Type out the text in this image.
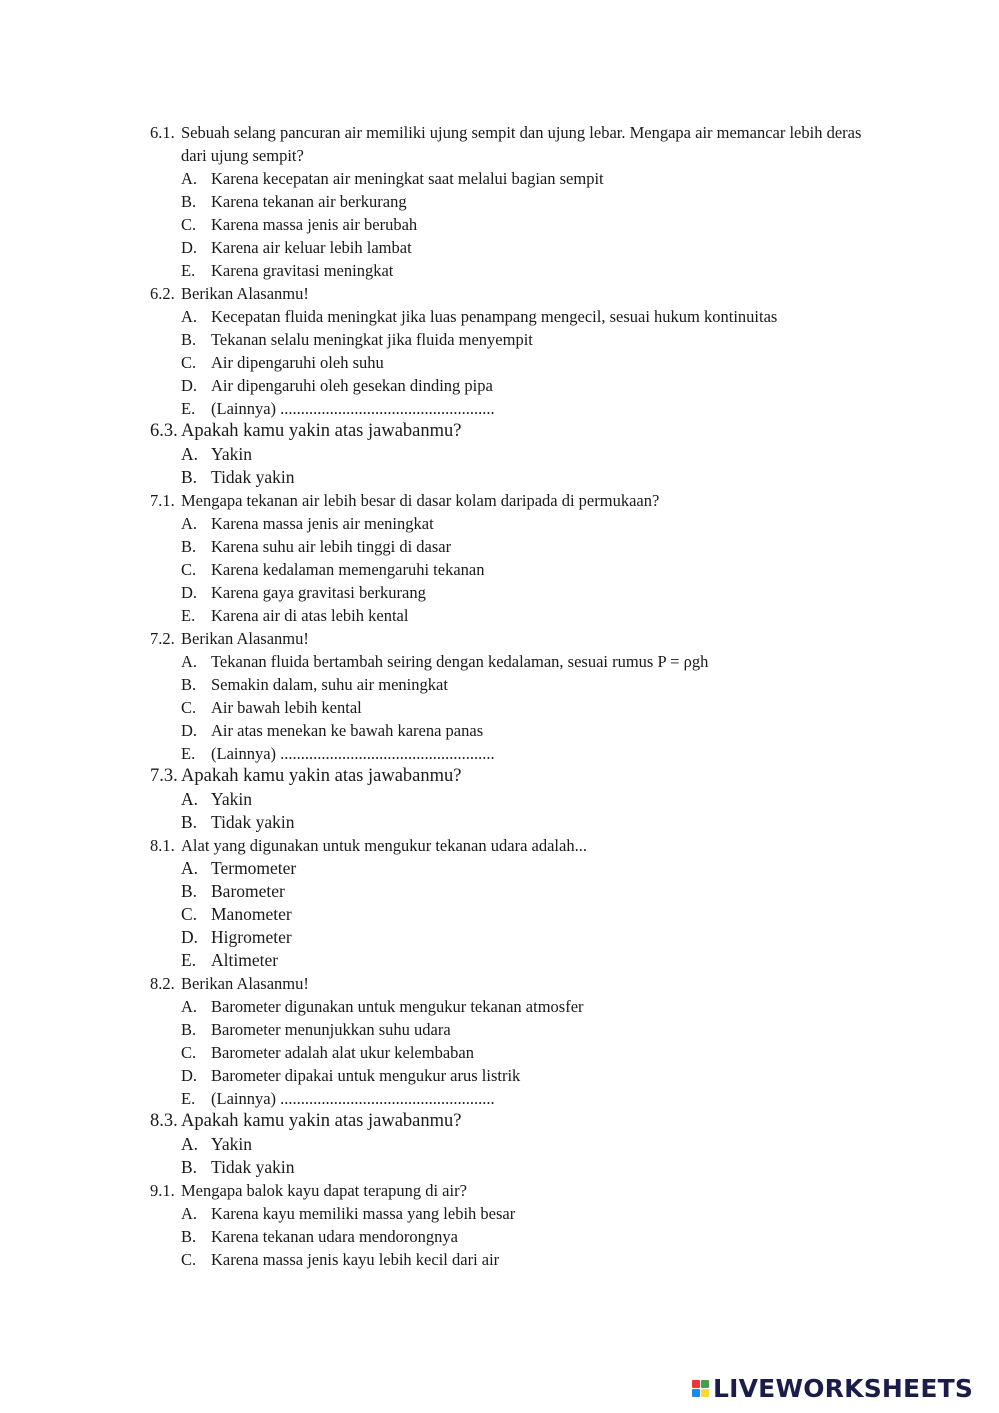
6.1. Sebuah selang pancuran air memiliki ujung sempit dan ujung lebar. Mengapa air memancar lebih deras dari ujung sempit?
A. Karena kecepatan air meningkat saat melalui bagian sempit
B. Karena tekanan air berkurang
C. Karena massa jenis air berubah
D. Karena air keluar lebih lambat
E. Karena gravitasi meningkat
6.2. Berikan Alasanmu!
A. Kecepatan fluida meningkat jika luas penampang mengecil, sesuai hukum kontinuitas
B. Tekanan selalu meningkat jika fluida menyempit
C. Air dipengaruhi oleh suhu
D. Air dipengaruhi oleh gesekan dinding pipa
E. (Lainnya) ....................................................
6.3. Apakah kamu yakin atas jawabanmu?
A. Yakin
B. Tidak yakin
7.1. Mengapa tekanan air lebih besar di dasar kolam daripada di permukaan?
A. Karena massa jenis air meningkat
B. Karena suhu air lebih tinggi di dasar
C. Karena kedalaman memengaruhi tekanan
D. Karena gaya gravitasi berkurang
E. Karena air di atas lebih kental
7.2. Berikan Alasanmu!
A. Tekanan fluida bertambah seiring dengan kedalaman, sesuai rumus P = ρgh
B. Semakin dalam, suhu air meningkat
C. Air bawah lebih kental
D. Air atas menekan ke bawah karena panas
E. (Lainnya) ....................................................
7.3. Apakah kamu yakin atas jawabanmu?
A. Yakin
B. Tidak yakin
8.1. Alat yang digunakan untuk mengukur tekanan udara adalah...
A. Termometer
B. Barometer
C. Manometer
D. Higrometer
E. Altimeter
8.2. Berikan Alasanmu!
A. Barometer digunakan untuk mengukur tekanan atmosfer
B. Barometer menunjukkan suhu udara
C. Barometer adalah alat ukur kelembaban
D. Barometer dipakai untuk mengukur arus listrik
E. (Lainnya) ....................................................
8.3. Apakah kamu yakin atas jawabanmu?
A. Yakin
B. Tidak yakin
9.1. Mengapa balok kayu dapat terapung di air?
A. Karena kayu memiliki massa yang lebih besar
B. Karena tekanan udara mendorongnya
C. Karena massa jenis kayu lebih kecil dari air
LIVEWORKSHEETS
